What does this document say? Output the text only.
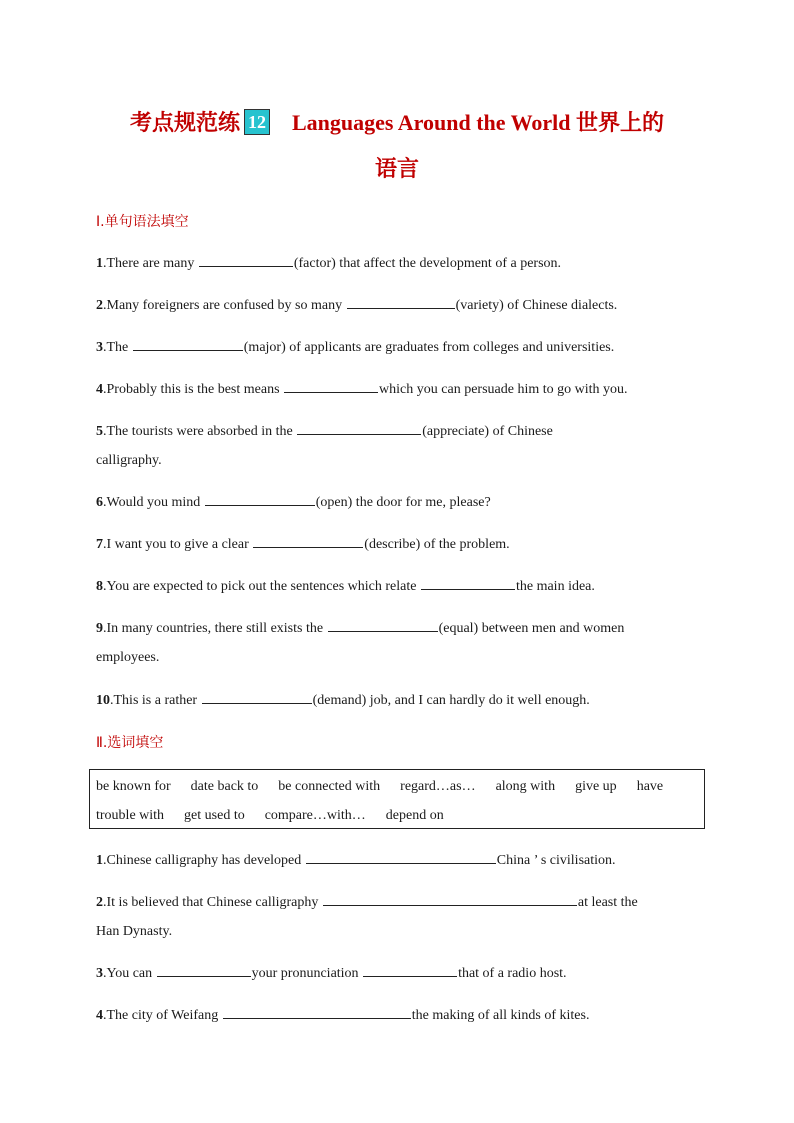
考点规范练 12 Languages Around the World 世界上的
语言
Ⅰ.单句语法填空
1.There are many	(factor) that affect the development of a person.
2.Many foreigners are confused by so many	(variety) of Chinese dialects.
3.The	(major) of applicants are graduates from colleges and universities.
4.Probably this is the best means	which you can persuade him to go with you.
5.The tourists were absorbed in the	(appreciate) of Chinese
calligraphy.
6.Would you mind	(open) the door for me, please?
7.I want you to give a clear	(describe) of the problem.
8.You are expected to pick out the sentences which relate	the main idea.
9.In many countries, there still exists the	(equal) between men and women
employees.
10.This is a rather	(demand) job, and I can hardly do it well enough.
Ⅱ.选词填空
be known for date back to be connected with regard…as… along with give up have
trouble with get used to compare…with… depend on
1.Chinese calligraphy has developed	China ’ s civilisation.
2.It is believed that Chinese calligraphy	at least the
Han Dynasty.
3.You can	your pronunciation	that of a radio host.
4.The city of Weifang	the making of all kinds of kites.
